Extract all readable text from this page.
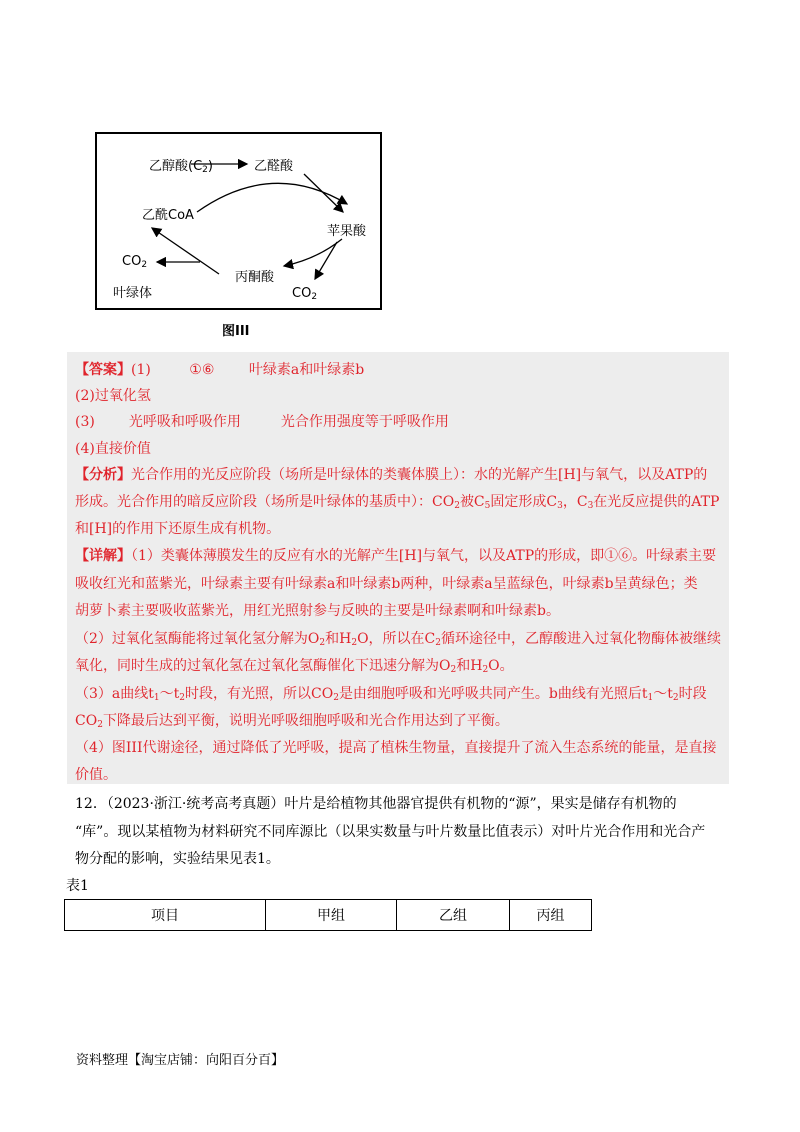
乙醇酸$(C_2)$	乙醛酸
乙酰CoA
苹果酸
丙酮酸
$CO_2$
$CO_2$
叶绿体
图III
【答案】(1)	①⑥ 叶绿素a和叶绿素b
(2)过氧化氢
(3) 光呼吸和呼吸作用	光合作用强度等于呼吸作用
(4)直接价值
【分析】光合作用的光反应阶段（场所是叶绿体的类囊体膜上）：水的光解产生[H]与氧气，以及ATP的
形成。光合作用的暗反应阶段（场所是叶绿体的基质中）：$CO_2$被$C_5$固定形成$C_3$，$C_3$在光反应提供的ATP
和[H]的作用下还原生成有机物。
【详解】（1）类囊体薄膜发生的反应有水的光解产生[H]与氧气，以及ATP的形成，即①⑥。叶绿素主要
吸收红光和蓝紫光，叶绿素主要有叶绿素a和叶绿素b两种，叶绿素a呈蓝绿色，叶绿素b呈黄绿色；类
胡萝卜素主要吸收蓝紫光，用红光照射参与反映的主要是叶绿素啊和叶绿素b。
（2）过氧化氢酶能将过氧化氢分解为$O_2$和$H_2O$，所以在$C_2$循环途径中，乙醇酸进入过氧化物酶体被继续
氧化，同时生成的过氧化氢在过氧化氢酶催化下迅速分解为$O_2$和$H_2O$。
（3）a曲线$t_1\sim t_2$时段，有光照，所以$CO_2$是由细胞呼吸和光呼吸共同产生。b曲线有光照后$t_1\sim t_2$时段
$CO_2$下降最后达到平衡，说明光呼吸细胞呼吸和光合作用达到了平衡。
（4）图III代谢途径，通过降低了光呼吸，提高了植株生物量，直接提升了流入生态系统的能量，是直接
价值。
12．（2023·浙江·统考高考真题）叶片是给植物其他器官提供有机物的“源”，果实是储存有机物的
“库”。现以某植物为材料研究不同库源比（以果实数量与叶片数量比值表示）对叶片光合作用和光合产
物分配的影响，实验结果见表1。
表1
项目	甲组	乙组	丙组
资料整理【淘宝店铺：向阳百分百】
